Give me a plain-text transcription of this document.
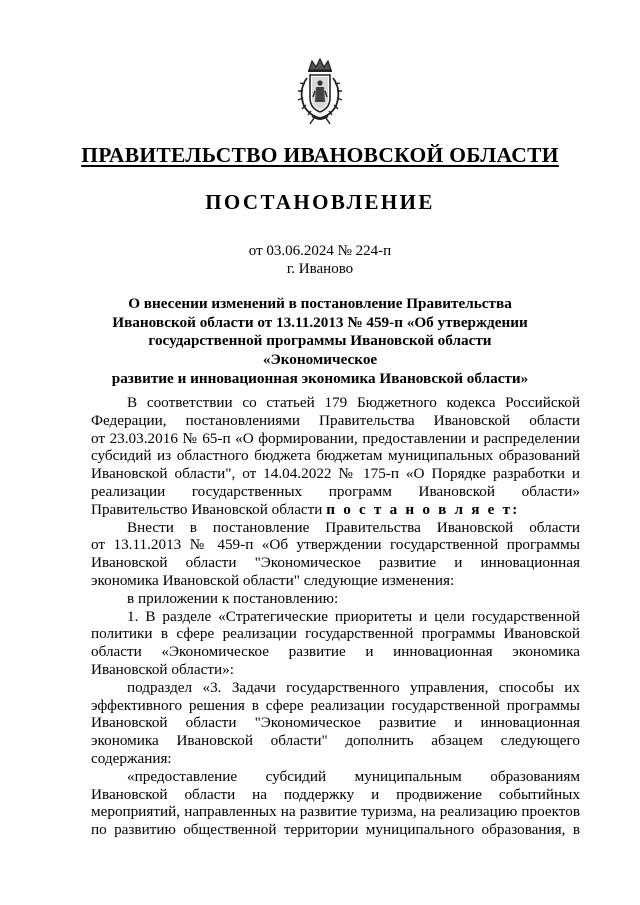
ПРАВИТЕЛЬСТВО ИВАНОВСКОЙ ОБЛАСТИ
ПОСТАНОВЛЕНИЕ
от 03.06.2024 № 224-п
г. Иваново
О внесении изменений в постановление Правительства
Ивановской области от 13.11.2013 № 459-п «Об утверждении
государственной программы Ивановской области «Экономическое
развитие и инновационная экономика Ивановской области»

В соответствии со статьей 179 Бюджетного кодекса Российской

Федерации, постановлениями Правительства Ивановской области

от 23.03.2016 № 65-п «О формировании, предоставлении и распределении

субсидий из областного бюджета бюджетам муниципальных образований

Ивановской области", от 14.04.2022 № 175-п «О Порядке разработки и

реализации государственных программ Ивановской области»

Правительство Ивановской области п о с т а н о в л я е т:

Внести в постановление Правительства Ивановской области

от 13.11.2013 № 459-п «Об утверждении государственной программы

Ивановской области "Экономическое развитие и инновационная

экономика Ивановской области" следующие изменения:

в приложении к постановлению:

1. В разделе «Стратегические приоритеты и цели государственной

политики в сфере реализации государственной программы Ивановской

области «Экономическое развитие и инновационная экономика

Ивановской области»:

подраздел «3. Задачи государственного управления, способы их

эффективного решения в сфере реализации государственной программы

Ивановской области "Экономическое развитие и инновационная

экономика Ивановской области" дополнить абзацем следующего

содержания:

«предоставление субсидий муниципальным образованиям

Ивановской области на поддержку и продвижение событийных

мероприятий, направленных на развитие туризма, на реализацию проектов

по развитию общественной территории муниципального образования, в
